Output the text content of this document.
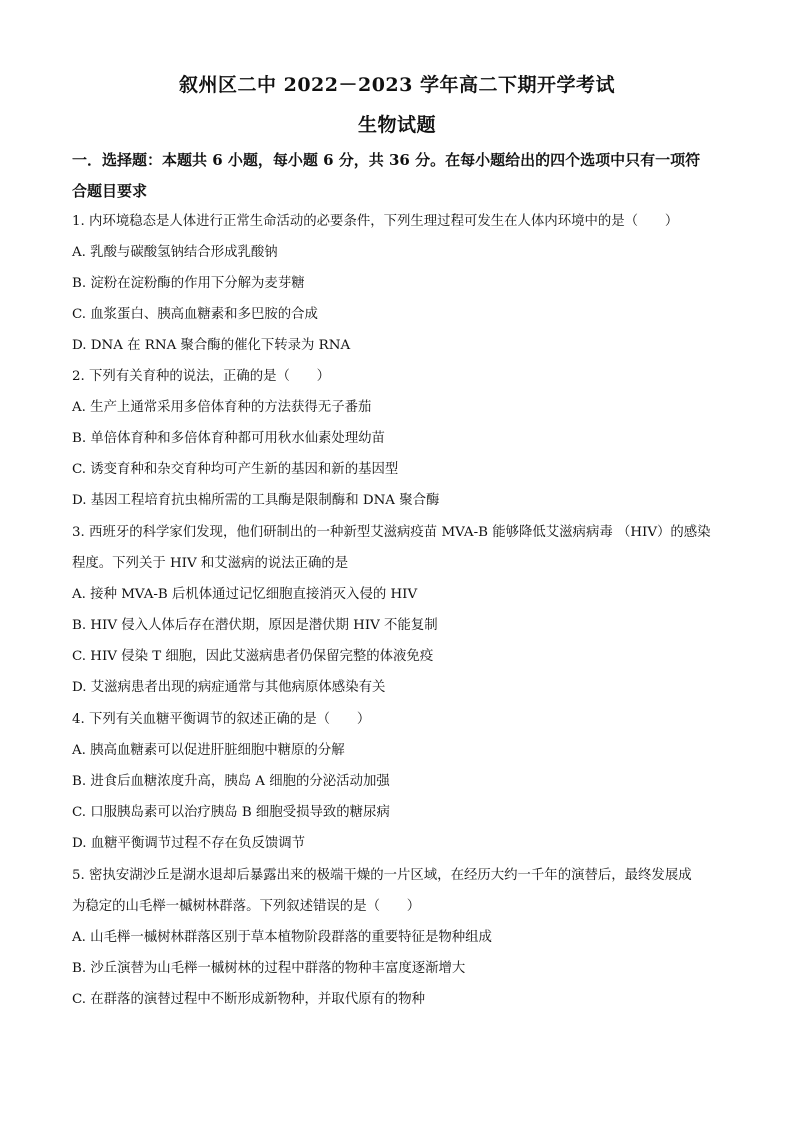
叙州区二中 2022－2023 学年高二下期开学考试
生物试题
一．选择题：本题共 6 小题，每小题 6 分，共 36 分。在每小题给出的四个选项中只有一项符
合题目要求
1. 内环境稳态是人体进行正常生命活动的必要条件，下列生理过程可发生在人体内环境中的是（　　）
A. 乳酸与碳酸氢钠结合形成乳酸钠
B. 淀粉在淀粉酶的作用下分解为麦芽糖
C. 血浆蛋白、胰高血糖素和多巴胺的合成
D. DNA 在 RNA 聚合酶的催化下转录为 RNA
2. 下列有关育种的说法，正确的是（　　）
A. 生产上通常采用多倍体育种的方法获得无子番茄
B. 单倍体育种和多倍体育种都可用秋水仙素处理幼苗
C. 诱变育种和杂交育种均可产生新的基因和新的基因型
D. 基因工程培育抗虫棉所需的工具酶是限制酶和 DNA 聚合酶
3. 西班牙的科学家们发现，他们研制出的一种新型艾滋病疫苗 MVA-B 能够降低艾滋病病毒 （HIV）的感染
程度。下列关于 HIV 和艾滋病的说法正确的是
A. 接种 MVA-B 后机体通过记忆细胞直接消灭入侵的 HIV
B. HIV 侵入人体后存在潜伏期，原因是潜伏期 HIV 不能复制
C. HIV 侵染 T 细胞，因此艾滋病患者仍保留完整的体液免疫
D. 艾滋病患者出现的病症通常与其他病原体感染有关
4. 下列有关血糖平衡调节的叙述正确的是（　　）
A. 胰高血糖素可以促进肝脏细胞中糖原的分解
B. 进食后血糖浓度升高，胰岛 A 细胞的分泌活动加强
C. 口服胰岛素可以治疗胰岛 B 细胞受损导致的糖尿病
D. 血糖平衡调节过程不存在负反馈调节
5. 密执安湖沙丘是湖水退却后暴露出来的极端干燥的一片区域，在经历大约一千年的演替后，最终发展成
为稳定的山毛榉一槭树林群落。下列叙述错误的是（　　）
A. 山毛榉一槭树林群落区别于草本植物阶段群落的重要特征是物种组成
B. 沙丘演替为山毛榉一槭树林的过程中群落的物种丰富度逐渐增大
C. 在群落的演替过程中不断形成新物种，并取代原有的物种
